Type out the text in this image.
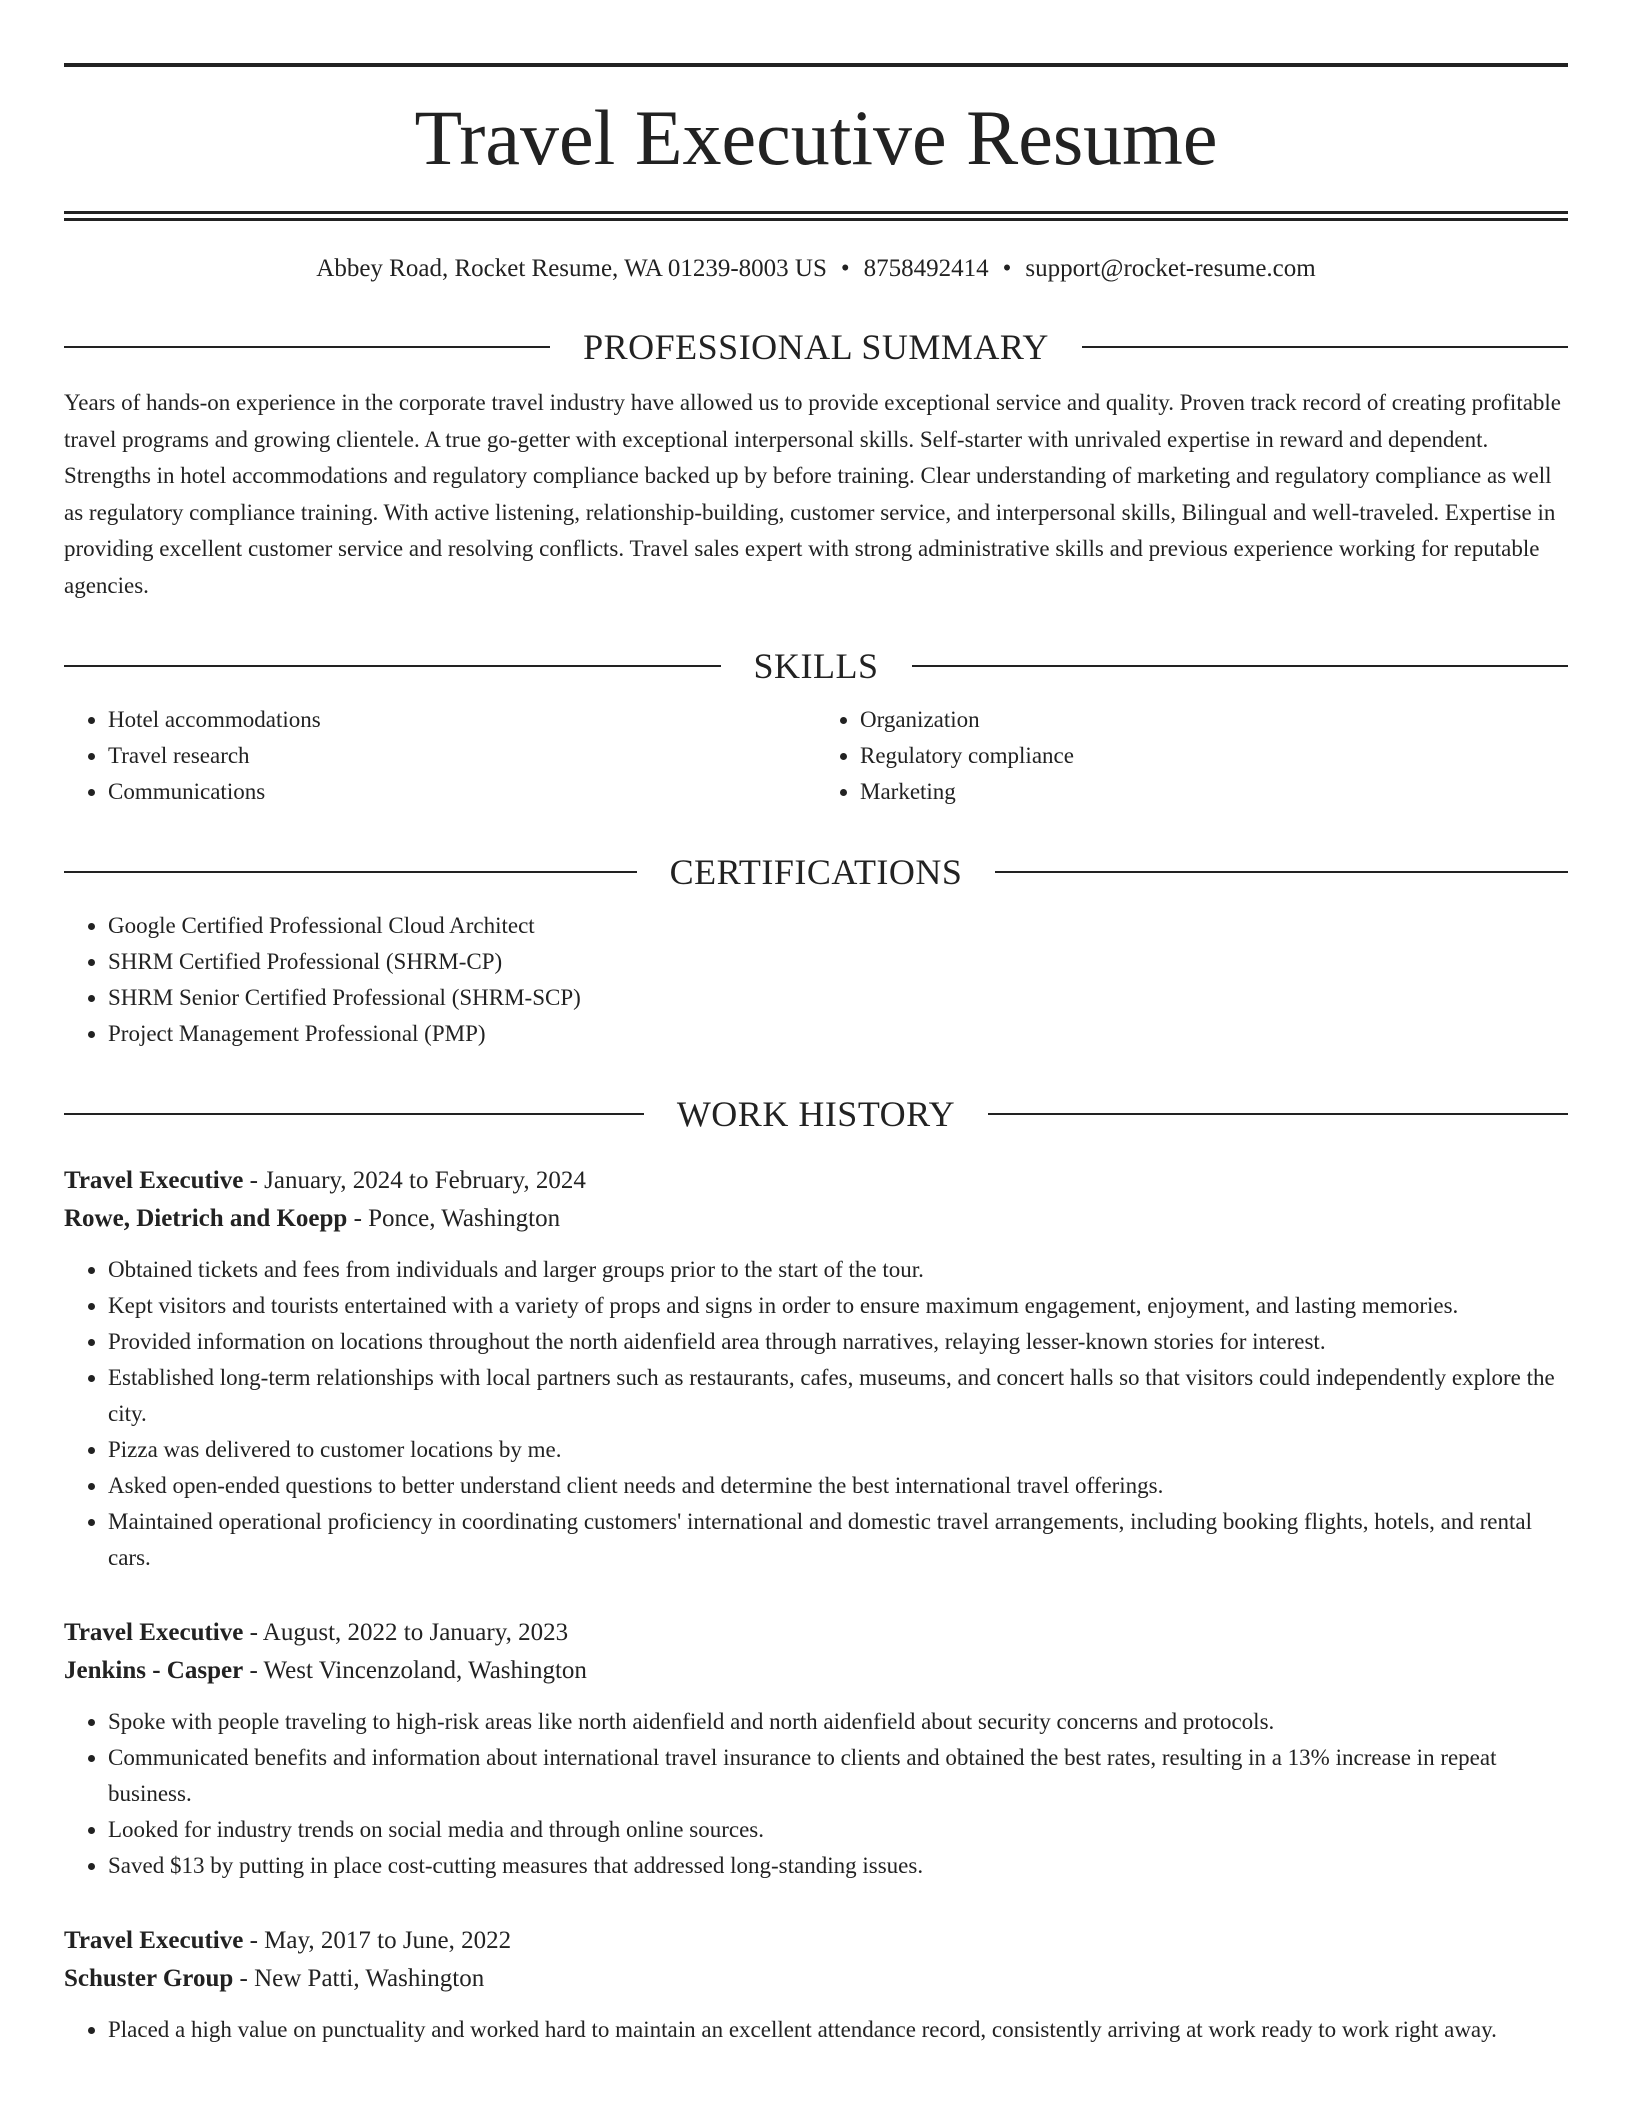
Travel Executive Resume
Abbey Road, Rocket Resume, WA 01239-8003 US • 8758492414 • support@rocket-resume.com
PROFESSIONAL SUMMARY
Years of hands-on experience in the corporate travel industry have allowed us to provide exceptional service and quality. Proven track record of creating profitable travel programs and growing clientele. A true go-getter with exceptional interpersonal skills. Self-starter with unrivaled expertise in reward and dependent. Strengths in hotel accommodations and regulatory compliance backed up by before training. Clear understanding of marketing and regulatory compliance as well as regulatory compliance training. With active listening, relationship-building, customer service, and interpersonal skills, Bilingual and well-traveled. Expertise in providing excellent customer service and resolving conflicts. Travel sales expert with strong administrative skills and previous experience working for reputable agencies.
SKILLS
• Hotel accommodations
• Travel research
• Communications
• Organization
• Regulatory compliance
• Marketing
CERTIFICATIONS
• Google Certified Professional Cloud Architect
• SHRM Certified Professional (SHRM-CP)
• SHRM Senior Certified Professional (SHRM-SCP)
• Project Management Professional (PMP)
WORK HISTORY
Travel Executive - January, 2024 to February, 2024
Rowe, Dietrich and Koepp - Ponce, Washington
• Obtained tickets and fees from individuals and larger groups prior to the start of the tour.
• Kept visitors and tourists entertained with a variety of props and signs in order to ensure maximum engagement, enjoyment, and lasting memories.
• Provided information on locations throughout the north aidenfield area through narratives, relaying lesser-known stories for interest.
• Established long-term relationships with local partners such as restaurants, cafes, museums, and concert halls so that visitors could independently explore the city.
• Pizza was delivered to customer locations by me.
• Asked open-ended questions to better understand client needs and determine the best international travel offerings.
• Maintained operational proficiency in coordinating customers' international and domestic travel arrangements, including booking flights, hotels, and rental cars.
Travel Executive - August, 2022 to January, 2023
Jenkins - Casper - West Vincenzoland, Washington
• Spoke with people traveling to high-risk areas like north aidenfield and north aidenfield about security concerns and protocols.
• Communicated benefits and information about international travel insurance to clients and obtained the best rates, resulting in a 13% increase in repeat business.
• Looked for industry trends on social media and through online sources.
• Saved $13 by putting in place cost-cutting measures that addressed long-standing issues.
Travel Executive - May, 2017 to June, 2022
Schuster Group - New Patti, Washington
• Placed a high value on punctuality and worked hard to maintain an excellent attendance record, consistently arriving at work ready to work right away.
